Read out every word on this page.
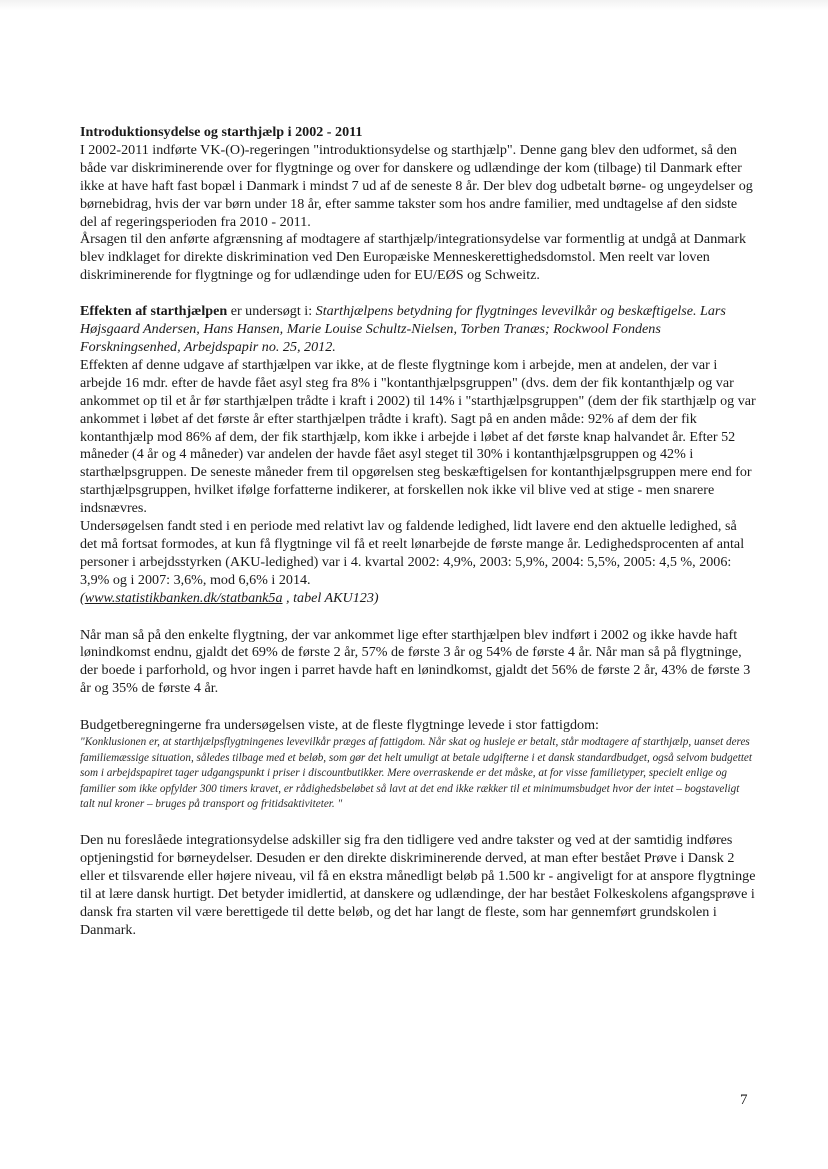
Introduktionsydelse og starthjælp i 2002 - 2011

I 2002-2011 indførte VK-(O)-regeringen "introduktionsydelse og starthjælp". Denne gang blev den udformet, så den både var diskriminerende over for flygtninge og over for danskere og udlændinge der kom (tilbage) til Danmark efter ikke at have haft fast bopæl i Danmark i mindst 7 ud af de seneste 8 år. Der blev dog udbetalt børne- og ungeydelser og børnebidrag, hvis der var børn under 18 år, efter samme takster som hos andre familier, med undtagelse af den sidste del af regeringsperioden fra 2010 - 2011.

Årsagen til den anførte afgrænsning af modtagere af starthjælp/integrationsydelse var formentlig at undgå at Danmark blev indklaget for direkte diskrimination ved Den Europæiske Menneskerettighedsdomstol. Men reelt var loven diskriminerende for flygtninge og for udlændinge uden for EU/EØS og Schweitz.

Effekten af starthjælpen er undersøgt i: Starthjælpens betydning for flygtninges levevilkår og beskæftigelse. Lars Højsgaard Andersen, Hans Hansen, Marie Louise Schultz-Nielsen, Torben Tranæs; Rockwool Fondens Forskningsenhed, Arbejdspapir no. 25, 2012.

Effekten af denne udgave af starthjælpen var ikke, at de fleste flygtninge kom i arbejde, men at andelen, der var i arbejde 16 mdr. efter de havde fået asyl steg fra 8% i "kontanthjælpsgruppen" (dvs. dem der fik kontanthjælp og var ankommet op til et år før starthjælpen trådte i kraft i 2002) til 14% i "starthjælpsgruppen" (dem der fik starthjælp og var ankommet i løbet af det første år efter starthjælpen trådte i kraft). Sagt på en anden måde: 92% af dem der fik kontanthjælp mod 86% af dem, der fik starthjælp, kom ikke i arbejde i løbet af det første knap halvandet år. Efter 52 måneder (4 år og 4 måneder) var andelen der havde fået asyl steget til 30% i kontanthjælpsgruppen og 42% i starthælpsgruppen. De seneste måneder frem til opgørelsen steg beskæftigelsen for kontanthjælpsgruppen mere end for starthjælpsgruppen, hvilket ifølge forfatterne indikerer, at forskellen nok ikke vil blive ved at stige - men snarere indsnævres.

Undersøgelsen fandt sted i en periode med relativt lav og faldende ledighed, lidt lavere end den aktuelle ledighed, så det må fortsat formodes, at kun få flygtninge vil få et reelt lønarbejde de første mange år. Ledighedsprocenten af antal personer i arbejdsstyrken (AKU-ledighed) var i 4. kvartal 2002: 4,9%, 2003: 5,9%, 2004: 5,5%, 2005: 4,5 %, 2006: 3,9% og i 2007: 3,6%, mod 6,6% i 2014.
(www.statistikbanken.dk/statbank5a , tabel AKU123)

Når man så på den enkelte flygtning, der var ankommet lige efter starthjælpen blev indført i 2002 og ikke havde haft lønindkomst endnu, gjaldt det 69% de første 2 år, 57% de første 3 år og 54% de første 4 år. Når man så på flygtninge, der boede i parforhold, og hvor ingen i parret havde haft en lønindkomst, gjaldt det 56% de første 2 år, 43% de første 3 år og 35% de første 4 år.

Budgetberegningerne fra undersøgelsen viste, at de fleste flygtninge levede i stor fattigdom:

"Konklusionen er, at starthjælpsflygtningenes levevilkår præges af fattigdom. Når skat og husleje er betalt, står modtagere af starthjælp, uanset deres familiemæssige situation, således tilbage med et beløb, som gør det helt umuligt at betale udgifterne i et dansk standardbudget, også selvom budgettet som i arbejdspapiret tager udgangspunkt i priser i discountbutikker. Mere overraskende er det måske, at for visse familietyper, specielt enlige og familier som ikke opfylder 300 timers kravet, er rådighedsbeløbet så lavt at det end ikke rækker til et minimumsbudget hvor der intet – bogstaveligt talt nul kroner – bruges på transport og fritidsaktiviteter. "

Den nu foreslåede integrationsydelse adskiller sig fra den tidligere ved andre takster og ved at der samtidig indføres optjeningstid for børneydelser. Desuden er den direkte diskriminerende derved, at man efter bestået Prøve i Dansk 2 eller et tilsvarende eller højere niveau, vil få en ekstra månedligt beløb på 1.500 kr - angiveligt for at anspore flygtninge til at lære dansk hurtigt. Det betyder imidlertid, at danskere og udlændinge, der har bestået Folkeskolens afgangsprøve i dansk fra starten vil være berettigede til dette beløb, og det har langt de fleste, som har gennemført grundskolen i Danmark.

7
